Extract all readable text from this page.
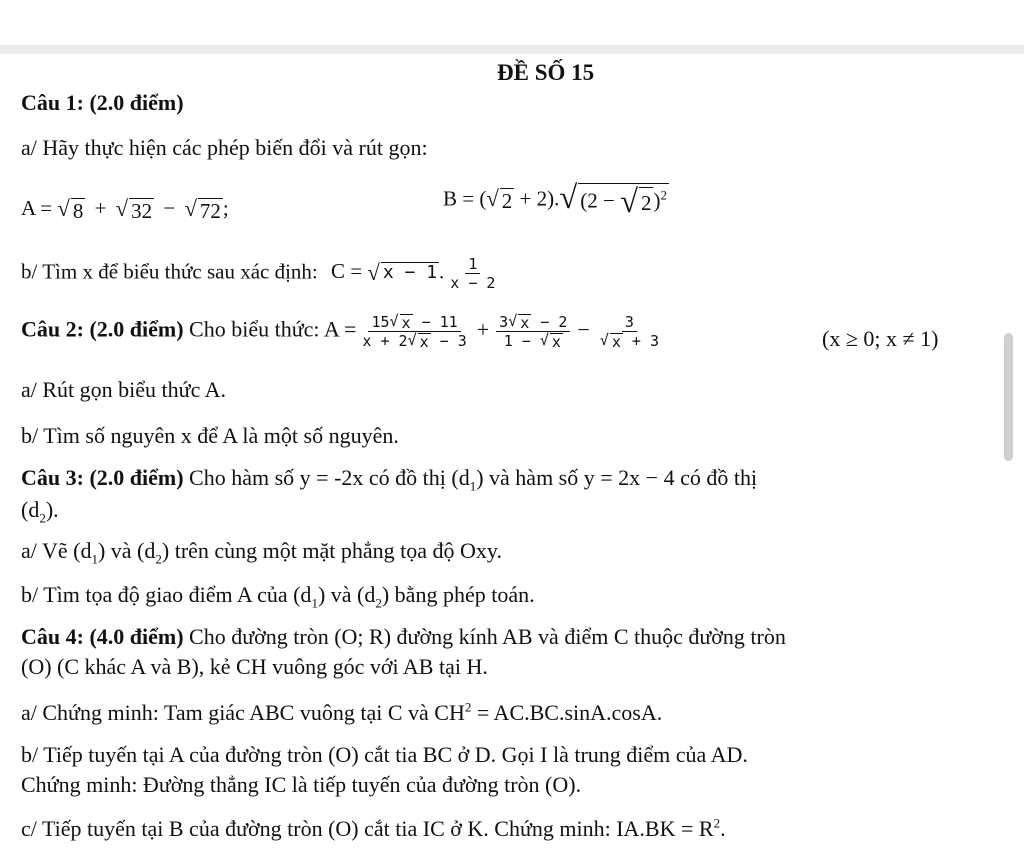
ĐỀ SỐ 15
Câu 1: (2.0 điểm)
a/ Hãy thực hiện các phép biến đổi và rút gọn:
A = √ 8 + √ 32 − √ 72 ;	B = ( √ 2 + 2). √ (2 − √ 2 )$^2$
b/ Tìm x để biểu thức sau xác định: C = √ x − 1 . $\frac{1}{x - 2}$
Câu 2: (2.0 điểm) Cho biểu thức: $A = \frac{15 √ x - 11}{x + 2 √ x - 3} + \frac{3 √ x - 2}{1 - √ x} - \frac{3}{√ x + 3}$	(x ≥ 0; x ≠ 1)
a/ Rút gọn biểu thức A.
b/ Tìm số nguyên x để A là một số nguyên.
Câu 3: (2.0 điểm) Cho hàm số y = -2x có đồ thị $(d_1)$ và hàm số y = 2x − 4 có đồ thị
$(d_2)$.
a/ Vẽ $(d_1)$ và $(d_2)$ trên cùng một mặt phẳng tọa độ Oxy.
b/ Tìm tọa độ giao điểm A của $(d_1)$ và $(d_2)$ bằng phép toán.
Câu 4: (4.0 điểm) Cho đường tròn (O; R) đường kính AB và điểm C thuộc đường tròn
(O) (C khác A và B), kẻ CH vuông góc với AB tại H.
a/ Chứng minh: Tam giác ABC vuông tại C và $CH^2 = AC.BC.\sin A.\cos A$.
b/ Tiếp tuyến tại A của đường tròn (O) cắt tia BC ở D. Gọi I là trung điểm của AD.
Chứng minh: Đường thẳng IC là tiếp tuyến của đường tròn (O).
c/ Tiếp tuyến tại B của đường tròn (O) cắt tia IC ở K. Chứng minh: $IA.BK = R^2$.
